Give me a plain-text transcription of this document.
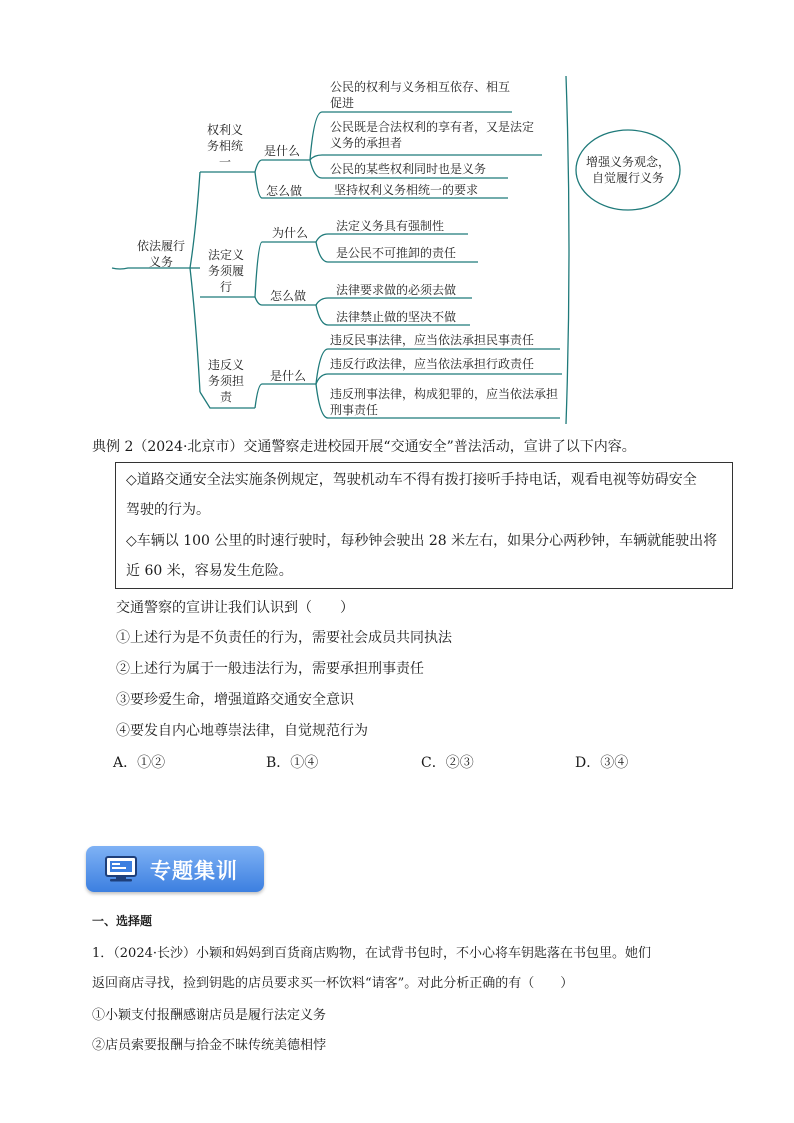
依法履行义务
权利义务相统一
是什么
怎么做
公民的权利与义务相互依存、相互促进
公民既是合法权利的享有者，又是法定义务的承担者
公民的某些权利同时也是义务
坚持权利义务相统一的要求
法定义务须履行
为什么
怎么做
法定义务具有强制性
是公民不可推卸的责任
法律要求做的必须去做
法律禁止做的坚决不做
违反义务须担责
是什么
违反民事法律，应当依法承担民事责任
违反行政法律，应当依法承担行政责任
违反刑事法律，构成犯罪的，应当依法承担刑事责任
增强义务观念，自觉履行义务
典例 2（2024·北京市）交通警察走进校园开展“交通安全”普法活动，宣讲了以下内容。

◇道路交通安全法实施条例规定，驾驶机动车不得有拨打接听手持电话，观看电视等妨碍安全

驾驶的行为。

◇车辆以 100 公里的时速行驶时，每秒钟会驶出 28 米左右，如果分心两秒钟，车辆就能驶出将

近 60 米，容易发生危险。

交通警察的宣讲让我们认识到（　　）
①上述行为是不负责任的行为，需要社会成员共同执法
②上述行为属于一般违法行为，需要承担刑事责任
③要珍爱生命，增强道路交通安全意识
④要发自内心地尊崇法律，自觉规范行为
A．①②	B．①④	C．②③	D．③④
专题集训
一、选择题
1．（2024·长沙）小颖和妈妈到百货商店购物，在试背书包时，不小心将车钥匙落在书包里。她们
返回商店寻找，捡到钥匙的店员要求买一杯饮料“请客”。对此分析正确的有（　　）
①小颖支付报酬感谢店员是履行法定义务
②店员索要报酬与拾金不昧传统美德相悖
